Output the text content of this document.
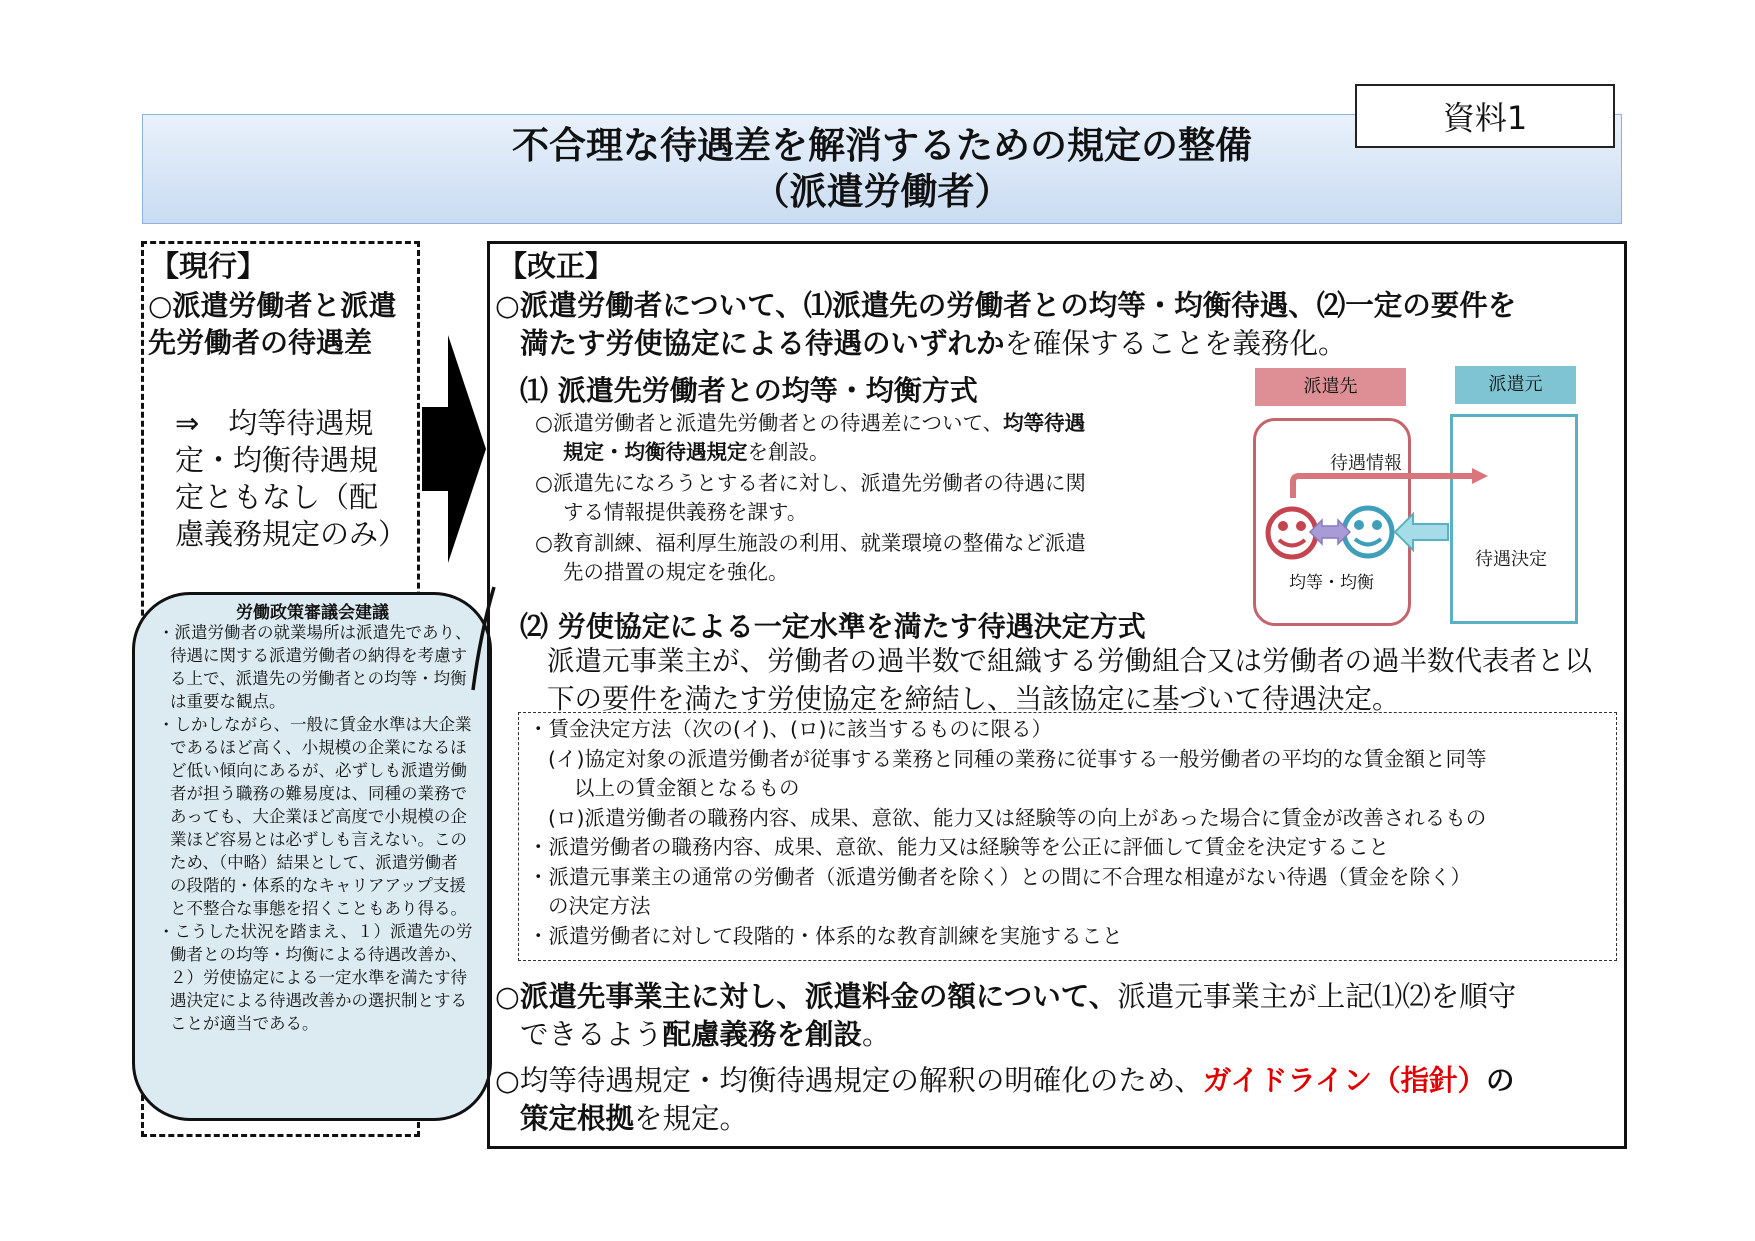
資料1
不合理な待遇差を解消するための規定の整備
（派遣労働者）
【現行】
○派遣労働者と派遣先労働者の待遇差
⇒　均等待遇規定・均衡待遇規定ともなし（配慮義務規定のみ）
労働政策審議会建議

・派遣労働者の就業場所は派遣先であり、待遇に関する派遣労働者の納得を考慮する上で、派遣先の労働者との均等・均衡は重要な観点。

・しかしながら、一般に賃金水準は大企業であるほど高く、小規模の企業になるほど低い傾向にあるが、必ずしも派遣労働者が担う職務の難易度は、同種の業務であっても、大企業ほど高度で小規模の企業ほど容易とは必ずしも言えない。このため、（中略）結果として、派遣労働者の段階的・体系的なキャリアアップ支援と不整合な事態を招くこともあり得る。

・こうした状況を踏まえ、１）派遣先の労働者との均等・均衡による待遇改善か、２）労使協定による一定水準を満たす待遇決定による待遇改善かの選択制とすることが適当である。

【改正】
○派遣労働者について、⑴派遣先の労働者との均等・均衡待遇、⑵一定の要件を
満たす労使協定による待遇のいずれかを確保することを義務化。
⑴ 派遣先労働者との均等・均衡方式
○派遣労働者と派遣先労働者との待遇差について、均等待遇
規定・均衡待遇規定を創設。
○派遣先になろうとする者に対し、派遣先労働者の待遇に関
する情報提供義務を課す。
○教育訓練、福利厚生施設の利用、就業環境の整備など派遣
先の措置の規定を強化。
派遣先	派遣元
待遇情報
均等・均衡
待遇決定
⑵ 労使協定による一定水準を満たす待遇決定方式
派遣元事業主が、労働者の過半数で組織する労働組合又は労働者の過半数代表者と以下の要件を満たす労使協定を締結し、当該協定に基づいて待遇決定。
・賃金決定方法（次の(イ)、(ロ)に該当するものに限る）
(イ)協定対象の派遣労働者が従事する業務と同種の業務に従事する一般労働者の平均的な賃金額と同等
以上の賃金額となるもの
(ロ)派遣労働者の職務内容、成果、意欲、能力又は経験等の向上があった場合に賃金が改善されるもの
・派遣労働者の職務内容、成果、意欲、能力又は経験等を公正に評価して賃金を決定すること
・派遣元事業主の通常の労働者（派遣労働者を除く）との間に不合理な相違がない待遇（賃金を除く）
の決定方法
・派遣労働者に対して段階的・体系的な教育訓練を実施すること
○派遣先事業主に対し、派遣料金の額について、派遣元事業主が上記⑴⑵を順守
できるよう配慮義務を創設。
○均等待遇規定・均衡待遇規定の解釈の明確化のため、ガイドライン（指針）の
策定根拠を規定。
